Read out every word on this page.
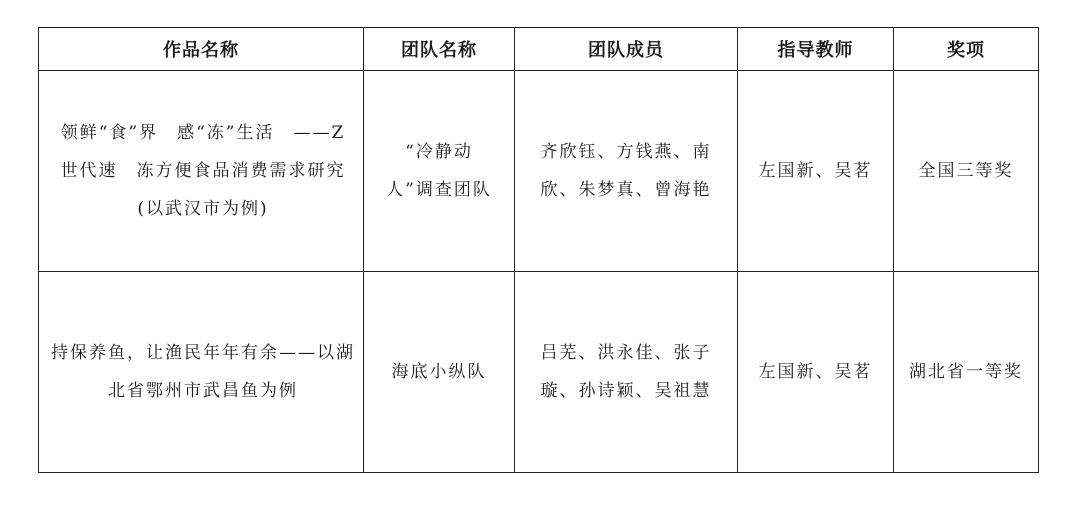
作品名称	团队名称	团队成员	指导教师	奖项
领鲜“食”界　感“冻”生活　——Z　世代速　冻方便食品消费需求研究　(以武汉市为例)	“冷静动人”调查团队	齐欣钰、方钱燕、南欣、朱梦真、曾海艳	左国新、吴茗	全国三等奖
持保养鱼，让渔民年年有余——以湖北省鄂州市武昌鱼为例	海底小纵队	吕芜、洪永佳、张子璇、孙诗颖、吴祖慧	左国新、吴茗	湖北省一等奖
